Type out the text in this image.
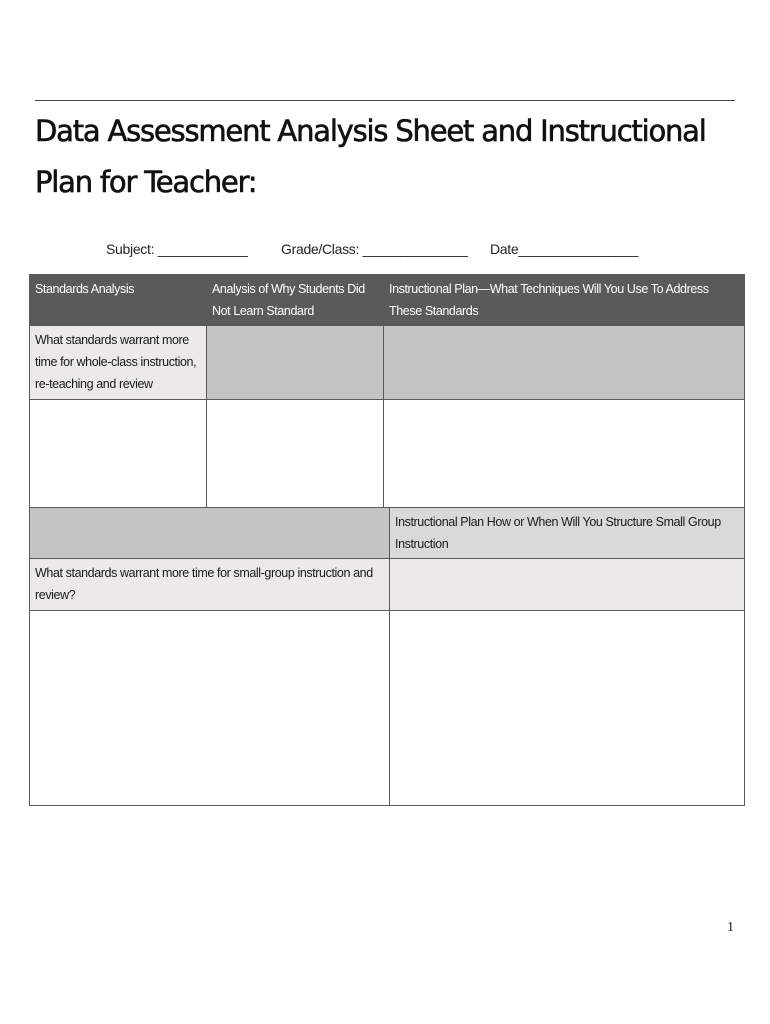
Data Assessment Analysis Sheet and Instructional Plan for Teacher:
Subject: ____________ Grade/Class: ______________ Date________________
Standards Analysis	Analysis of Why Students Did Not Learn Standard	Instructional Plan—What Techniques Will You Use To Address These Standards
What standards warrant more time for whole-class instruction, re-teaching and review		

	Instructional Plan How or When Will You Structure Small Group Instruction
What standards warrant more time for small-group instruction and review?	

1
